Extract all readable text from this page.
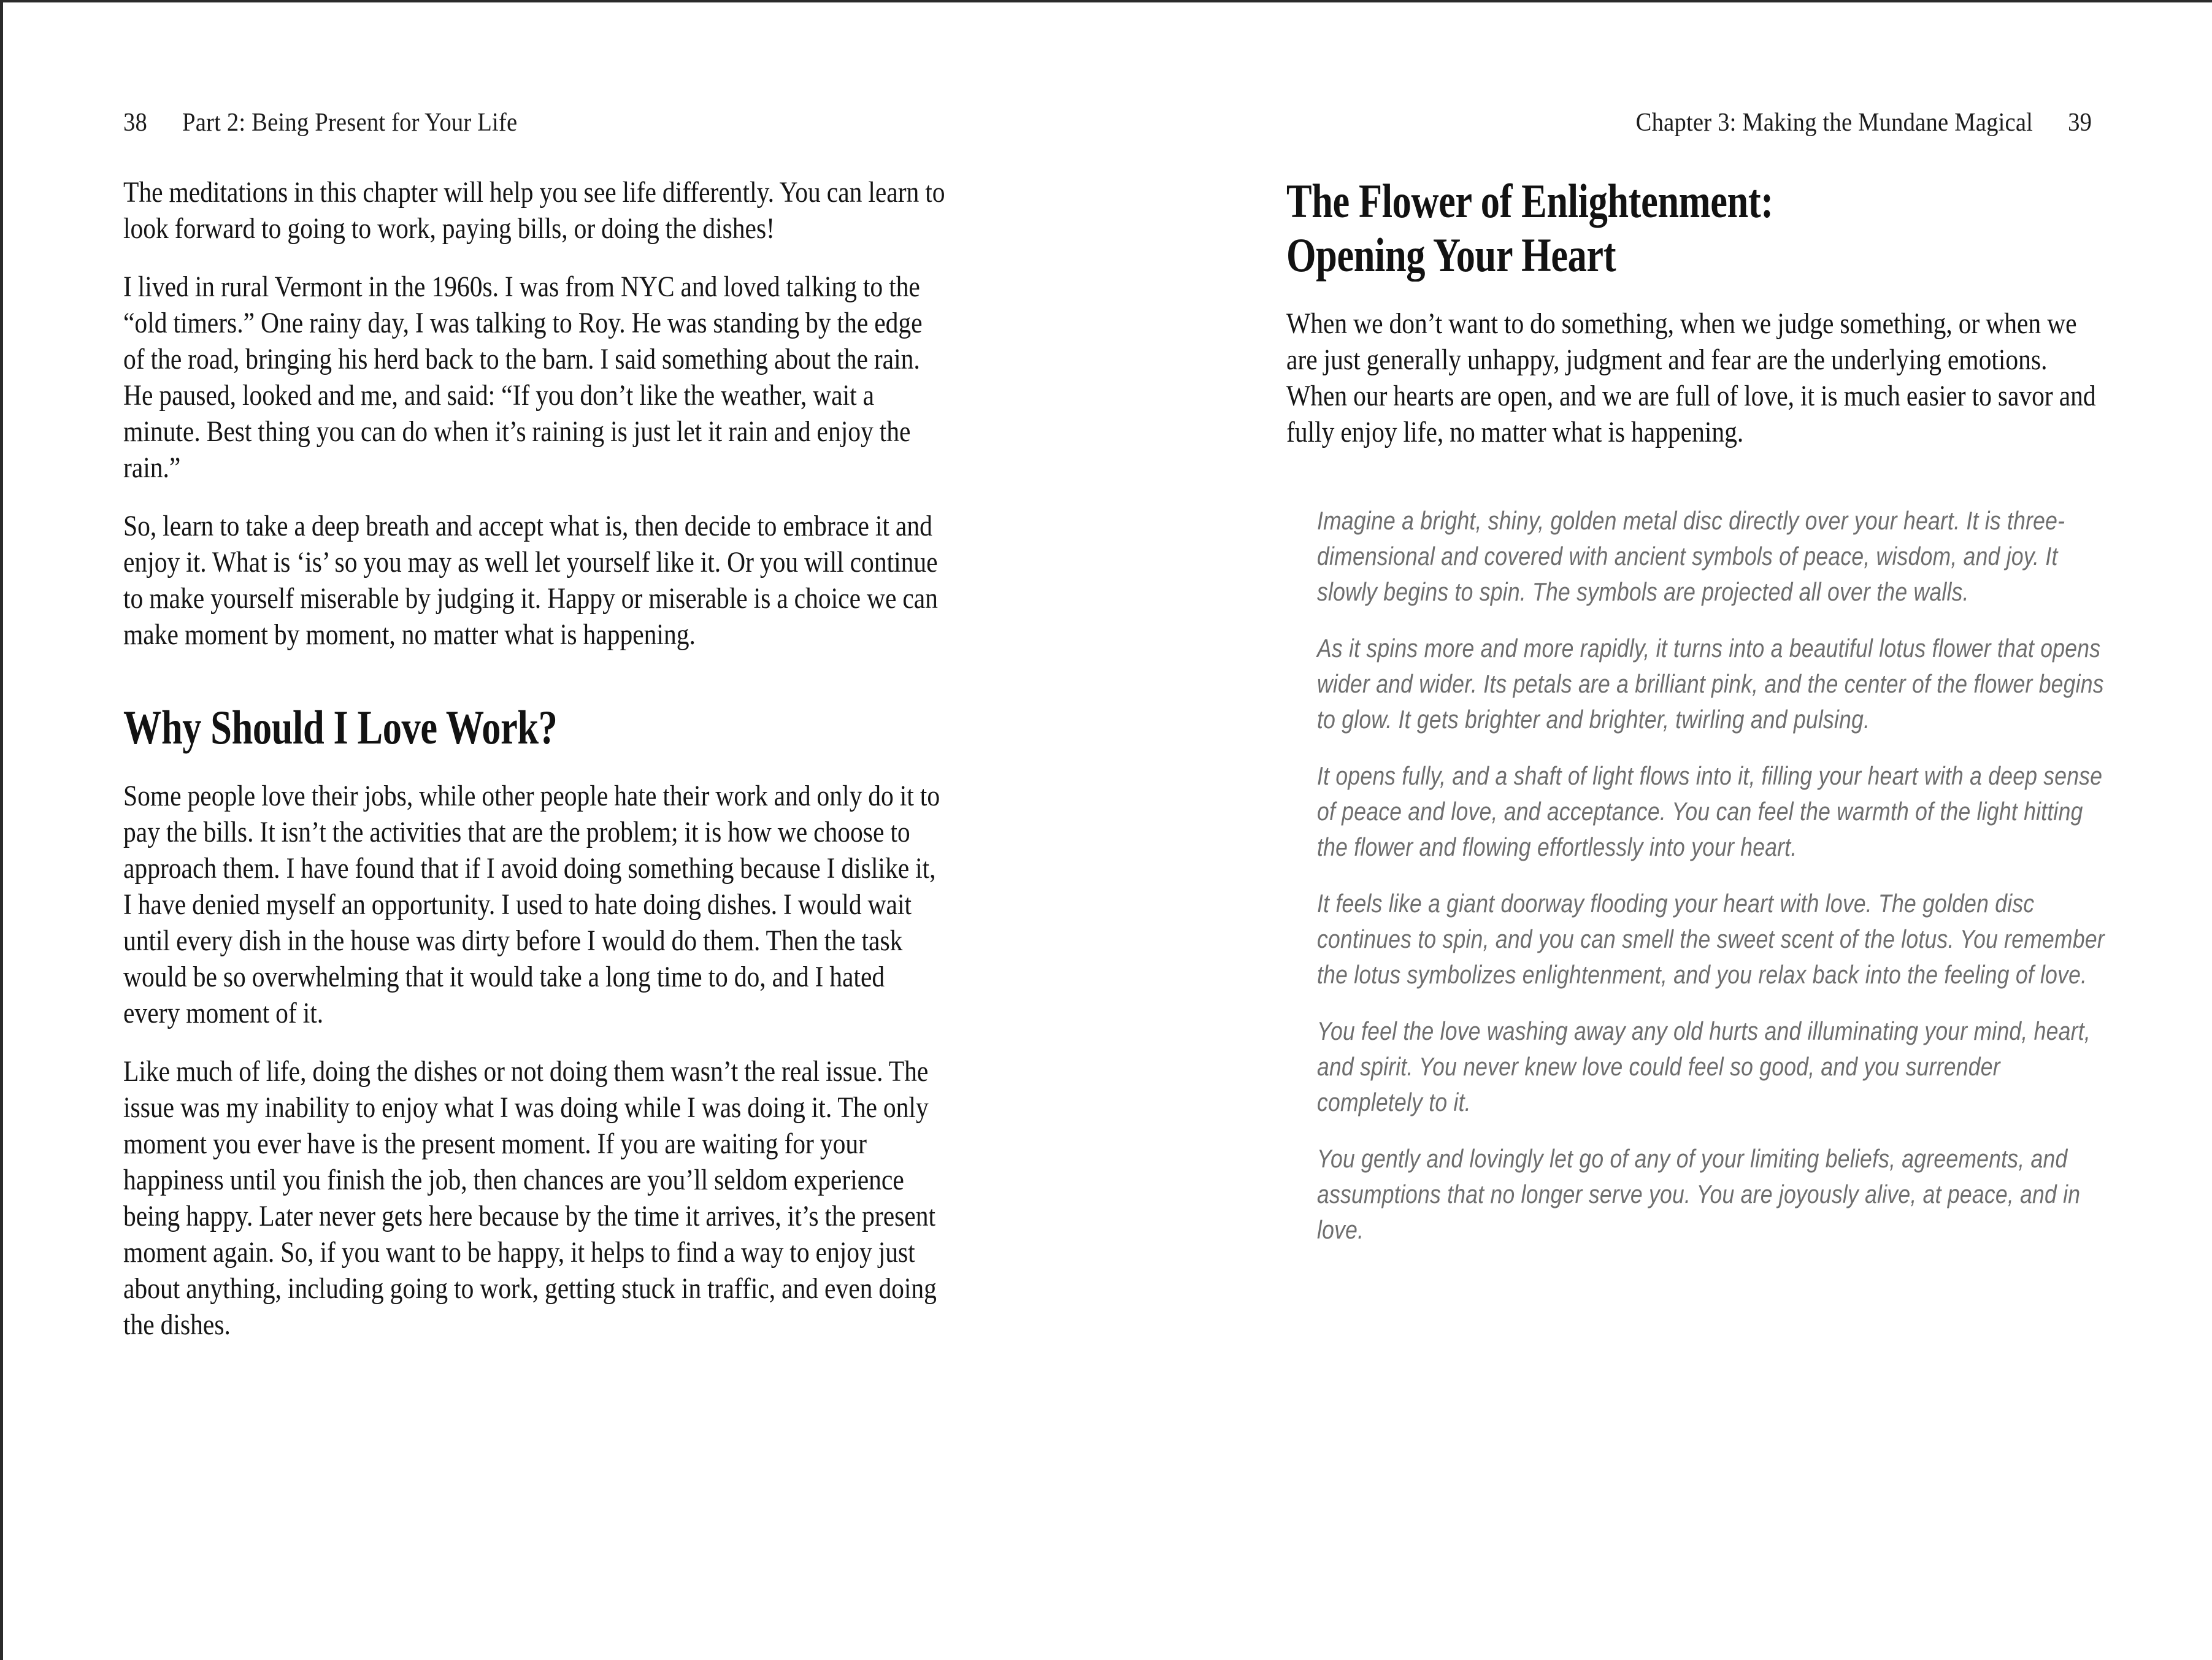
38 Part 2: Being Present for Your Life

The meditations in this chapter will help you see life differently. You can learn to look forward to going to work, paying bills, or doing the dishes!

I lived in rural Vermont in the 1960s. I was from NYC and loved talking to the “old timers.” One rainy day, I was talking to Roy. He was standing by the edge of the road, bringing his herd back to the barn. I said something about the rain. He paused, looked and me, and said: “If you don’t like the weather, wait a minute. Best thing you can do when it’s raining is just let it rain and enjoy the rain.”

So, learn to take a deep breath and accept what is, then decide to embrace it and enjoy it. What is ‘is’ so you may as well let yourself like it. Or you will continue to make yourself miserable by judging it. Happy or miserable is a choice we can make moment by moment, no matter what is happening.

Why Should I Love Work?

Some people love their jobs, while other people hate their work and only do it to pay the bills. It isn’t the activities that are the problem; it is how we choose to approach them. I have found that if I avoid doing something because I dislike it, I have denied myself an opportunity. I used to hate doing dishes. I would wait until every dish in the house was dirty before I would do them. Then the task would be so overwhelming that it would take a long time to do, and I hated every moment of it.

Like much of life, doing the dishes or not doing them wasn’t the real issue. The issue was my inability to enjoy what I was doing while I was doing it. The only moment you ever have is the present moment. If you are waiting for your happiness until you finish the job, then chances are you’ll seldom experience being happy. Later never gets here because by the time it arrives, it’s the present moment again. So, if you want to be happy, it helps to find a way to enjoy just about anything, including going to work, getting stuck in traffic, and even doing the dishes.

Chapter 3: Making the Mundane Magical 39
The Flower of Enlightenment:
Opening Your Heart

When we don’t want to do something, when we judge something, or when we are just generally unhappy, judgment and fear are the underlying emotions. When our hearts are open, and we are full of love, it is much easier to savor and fully enjoy life, no matter what is happening.

Imagine a bright, shiny, golden metal disc directly over your heart. It is three-dimensional and covered with ancient symbols of peace, wisdom, and joy. It slowly begins to spin. The symbols are projected all over the walls.

As it spins more and more rapidly, it turns into a beautiful lotus flower that opens wider and wider. Its petals are a brilliant pink, and the center of the flower begins to glow. It gets brighter and brighter, twirling and pulsing.

It opens fully, and a shaft of light flows into it, filling your heart with a deep sense of peace and love, and acceptance. You can feel the warmth of the light hitting the flower and flowing effortlessly into your heart.

It feels like a giant doorway flooding your heart with love. The golden disc continues to spin, and you can smell the sweet scent of the lotus. You remember the lotus symbolizes enlightenment, and you relax back into the feeling of love.

You feel the love washing away any old hurts and illuminating your mind, heart, and spirit. You never knew love could feel so good, and you surrender completely to it.

You gently and lovingly let go of any of your limiting beliefs, agreements, and assumptions that no longer serve you. You are joyously alive, at peace, and in love.
